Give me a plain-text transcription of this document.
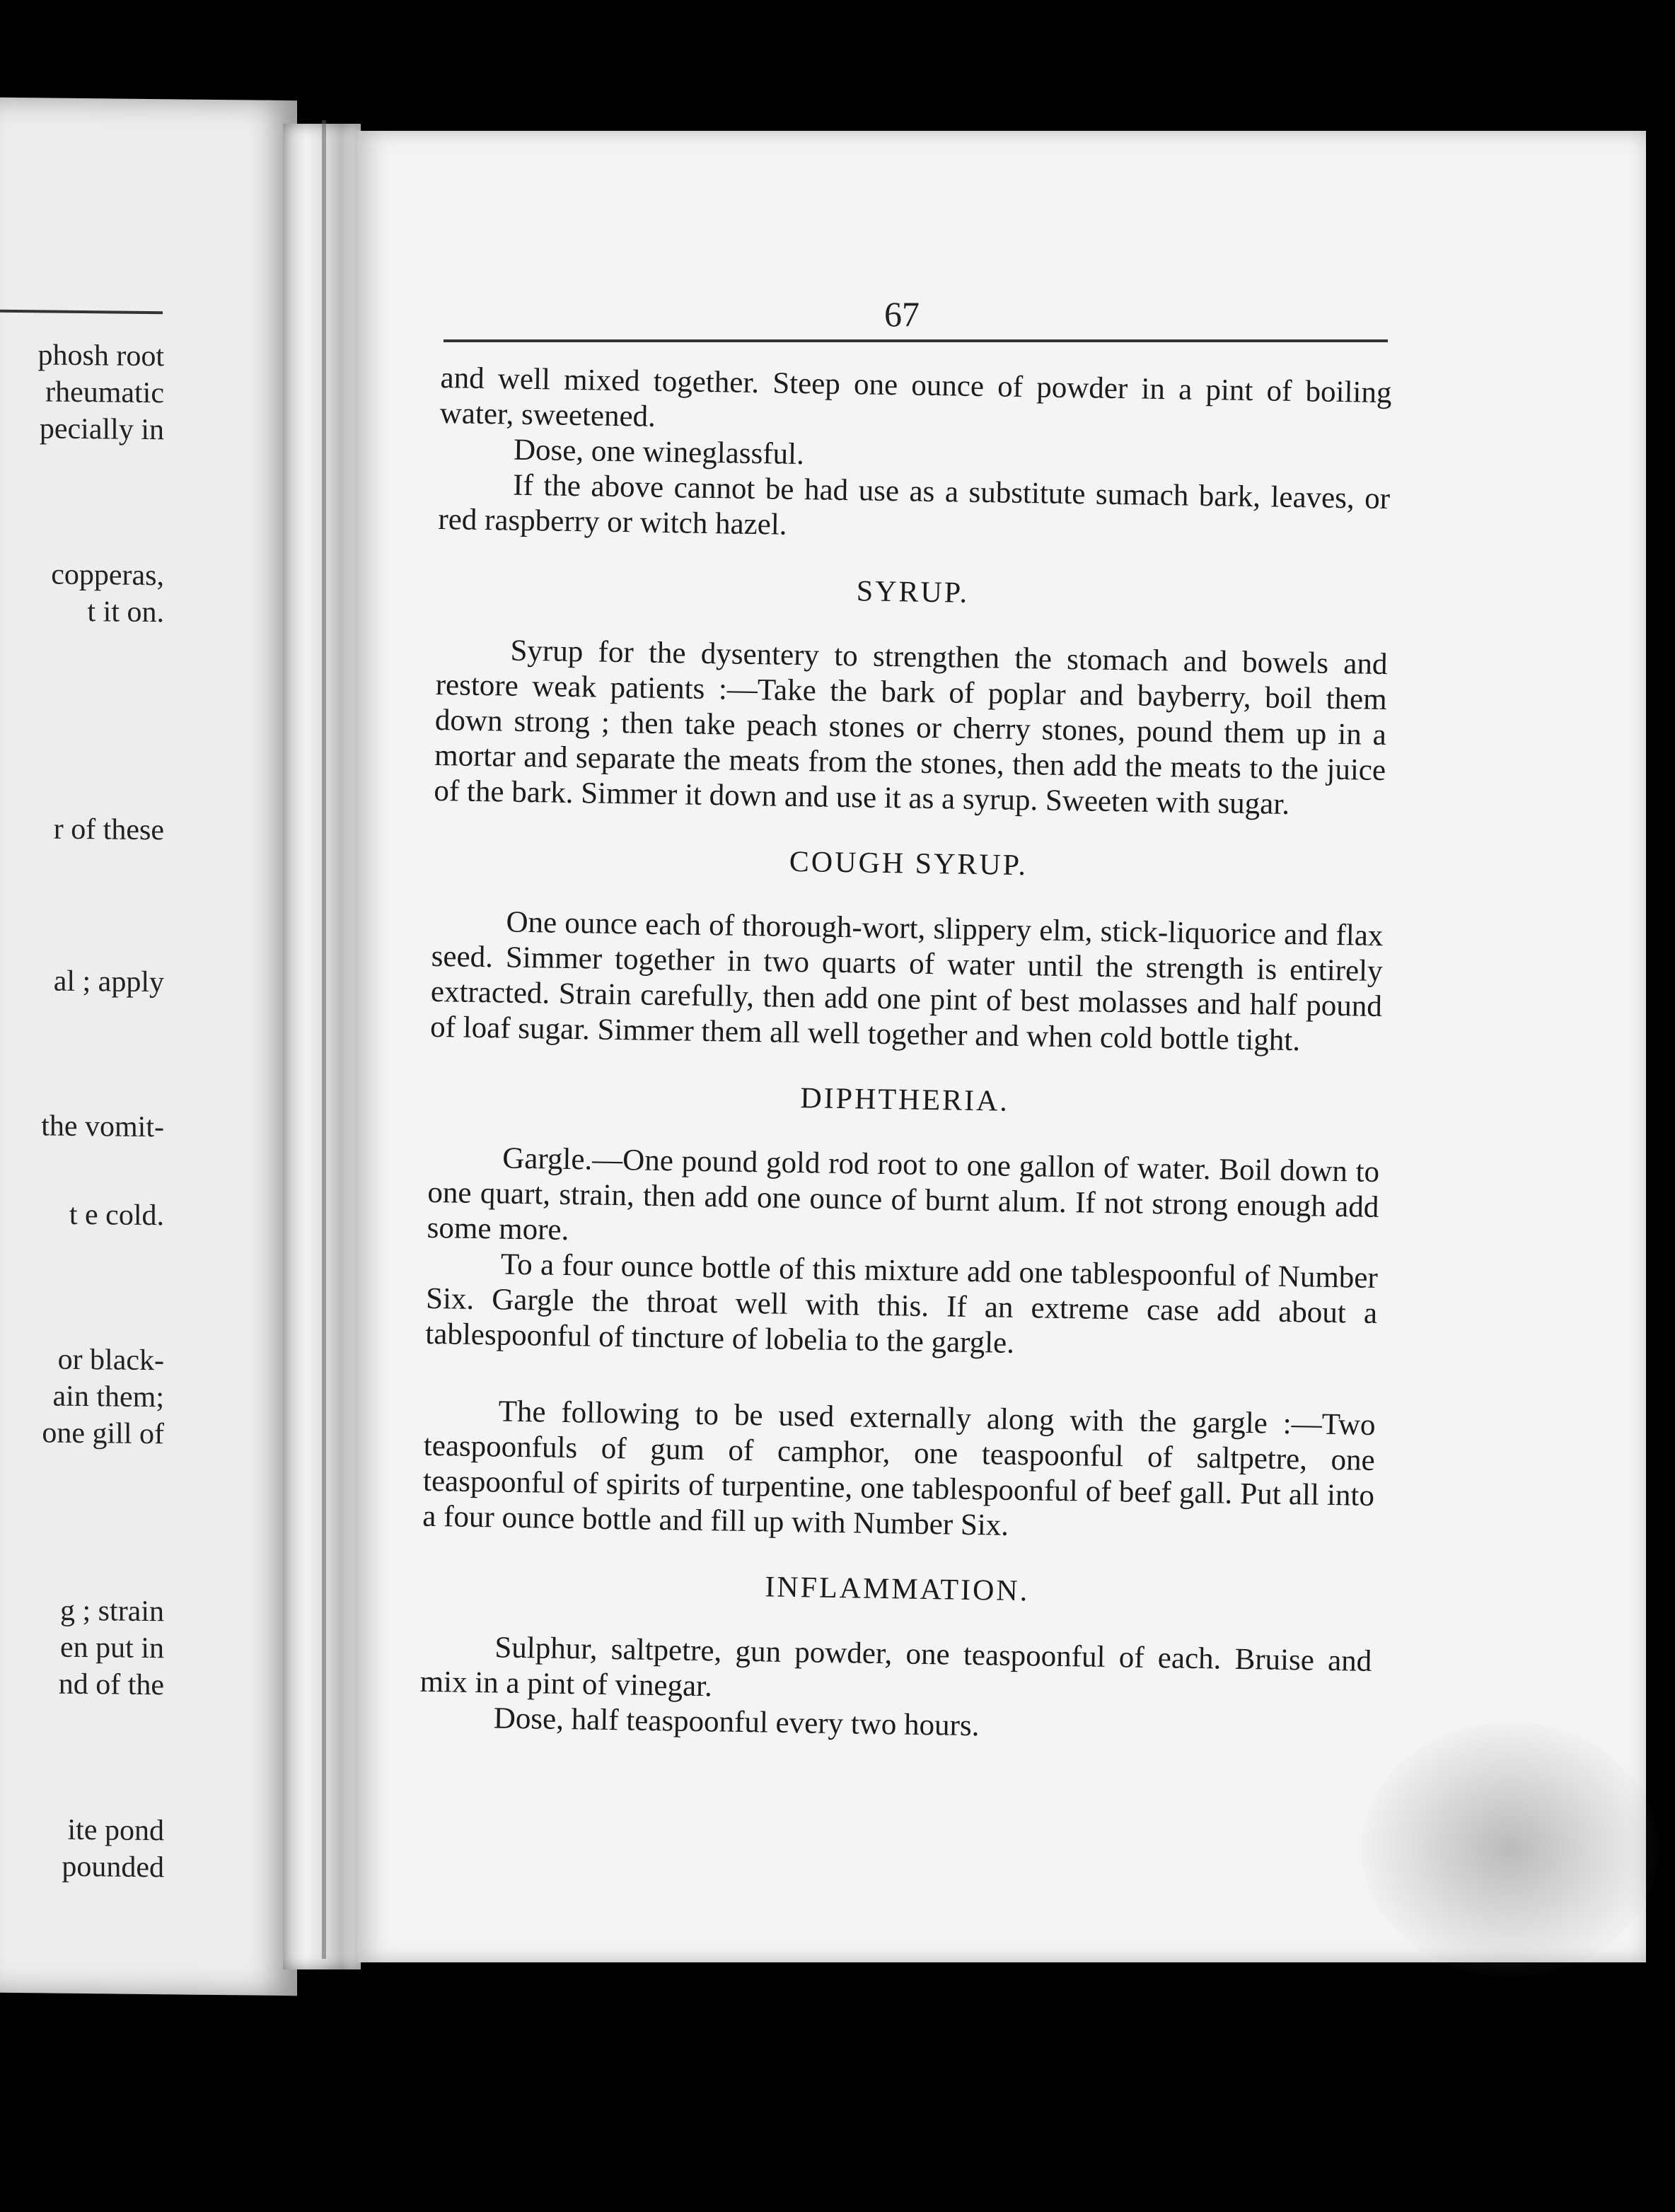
phosh root
rheumatic
pecially in
copperas,
t it on.
r of these
al ; apply
the vomit-
t e cold.
or black-
ain them;
one gill of
g ; strain
en put in
nd of the
ite pond
pounded
67

and well mixed together. Steep one ounce of powder in a pint of boiling water, sweetened.

Dose, one wineglassful.

If the above cannot be had use as a substitute sumach bark, leaves, or red raspberry or witch hazel.

SYRUP.

Syrup for the dysentery to strengthen the stomach and bowels and restore weak patients :—Take the bark of poplar and bayberry, boil them down strong ; then take peach stones or cherry stones, pound them up in a mortar and separate the meats from the stones, then add the meats to the juice of the bark. Simmer it down and use it as a syrup. Sweeten with sugar.

COUGH SYRUP.

One ounce each of thorough-wort, slippery elm, stick-liquorice and flax seed. Simmer together in two quarts of water until the strength is entirely extracted. Strain carefully, then add one pint of best molasses and half pound of loaf sugar. Simmer them all well together and when cold bottle tight.

DIPHTHERIA.

Gargle.—One pound gold rod root to one gallon of water. Boil down to one quart, strain, then add one ounce of burnt alum. If not strong enough add some more.

To a four ounce bottle of this mixture add one tablespoonful of Number Six. Gargle the throat well with this. If an extreme case add about a tablespoonful of tincture of lobelia to the gargle.

The following to be used externally along with the gargle :—Two teaspoonfuls of gum of camphor, one teaspoonful of saltpetre, one teaspoonful of spirits of turpentine, one tablespoonful of beef gall. Put all into a four ounce bottle and fill up with Number Six.

INFLAMMATION.

Sulphur, saltpetre, gun powder, one teaspoonful of each. Bruise and mix in a pint of vinegar.

Dose, half teaspoonful every two hours.
